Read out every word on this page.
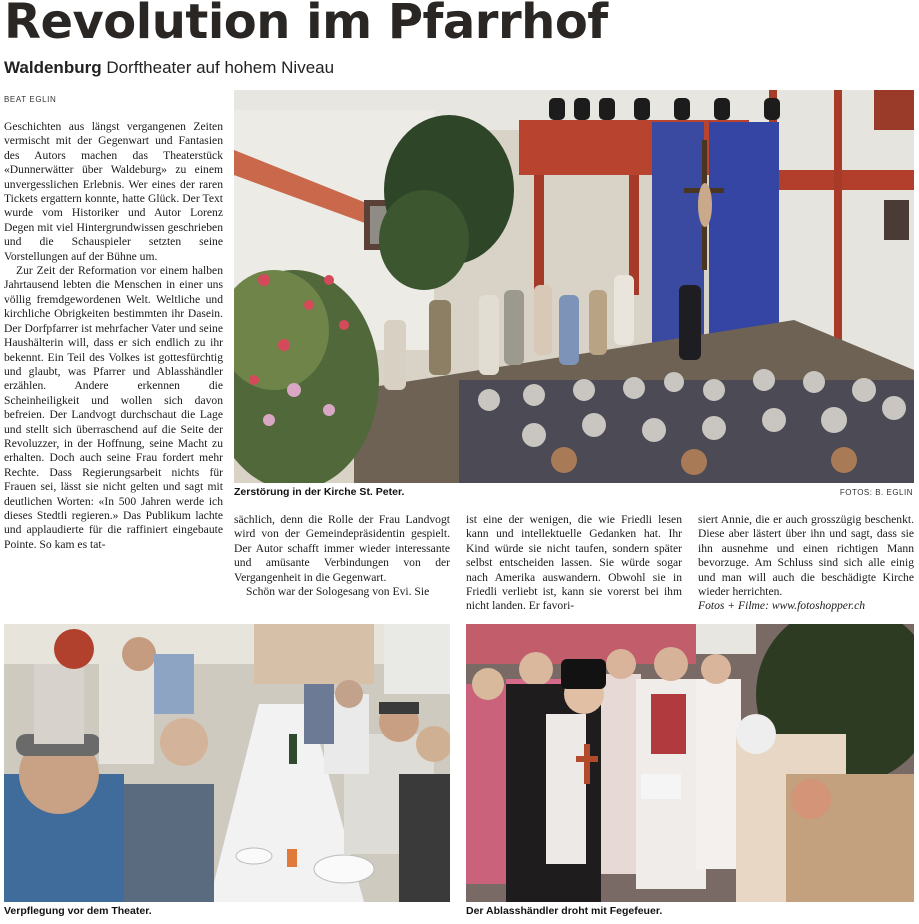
Revolution im Pfarrhof
Waldenburg Dorftheater auf hohem Niveau
BEAT EGLIN

Geschichten aus längst vergangenen Zeiten vermischt mit der Gegenwart und Fantasien des Autors machen das Theaterstück «Dunnerwätter über Waldeburg» zu einem unvergesslichen Erlebnis. Wer eines der raren Tickets ergattern konnte, hatte Glück. Der Text wurde vom Historiker und Autor Lorenz Degen mit viel Hintergrundwissen geschrieben und die Schauspieler setzten seine Vorstellungen auf der Bühne um.

Zur Zeit der Reformation vor einem halben Jahrtausend lebten die Menschen in einer uns völlig fremdgewordenen Welt. Weltliche und kirchliche Obrigkeiten bestimmten ihr Dasein. Der Dorfpfarrer ist mehrfacher Vater und seine Haushälterin will, dass er sich endlich zu ihr bekennt. Ein Teil des Volkes ist gottesfürchtig und glaubt, was Pfarrer und Ablasshändler erzählen. Andere erkennen die Scheinheiligkeit und wollen sich davon befreien. Der Landvogt durchschaut die Lage und stellt sich überraschend auf die Seite der Revoluzzer, in der Hoffnung, seine Macht zu erhalten. Doch auch seine Frau fordert mehr Rechte. Dass Regierungsarbeit nichts für Frauen sei, lässt sie nicht gelten und sagt mit deutlichen Worten: «In 500 Jahren werde ich dieses Stedtli regieren.» Das Publikum lachte und applaudierte für die raffiniert eingebaute Pointe. So kam es tat-

Zerstörung in der Kirche St. Peter.	FOTOS: B. EGLIN

sächlich, denn die Rolle der Frau Landvogt wird von der Gemeindepräsidentin gespielt. Der Autor schafft immer wieder interessante und amüsante Verbindungen von der Vergangenheit in die Gegenwart.

Schön war der Sologesang von Evi. Sie

ist eine der wenigen, die wie Friedli lesen kann und intellektuelle Gedanken hat. Ihr Kind würde sie nicht taufen, sondern später selbst entscheiden lassen. Sie würde sogar nach Amerika auswandern. Obwohl sie in Friedli verliebt ist, kann sie vorerst bei ihm nicht landen. Er favori-

siert Annie, die er auch grosszügig beschenkt. Diese aber lästert über ihn und sagt, dass sie ihn ausnehme und einen richtigen Mann bevorzuge. Am Schluss sind sich alle einig und man will auch die beschädigte Kirche wieder herrichten.

Fotos + Filme: www.fotoshopper.ch

Verpflegung vor dem Theater.	Der Ablasshändler droht mit Fegefeuer.
